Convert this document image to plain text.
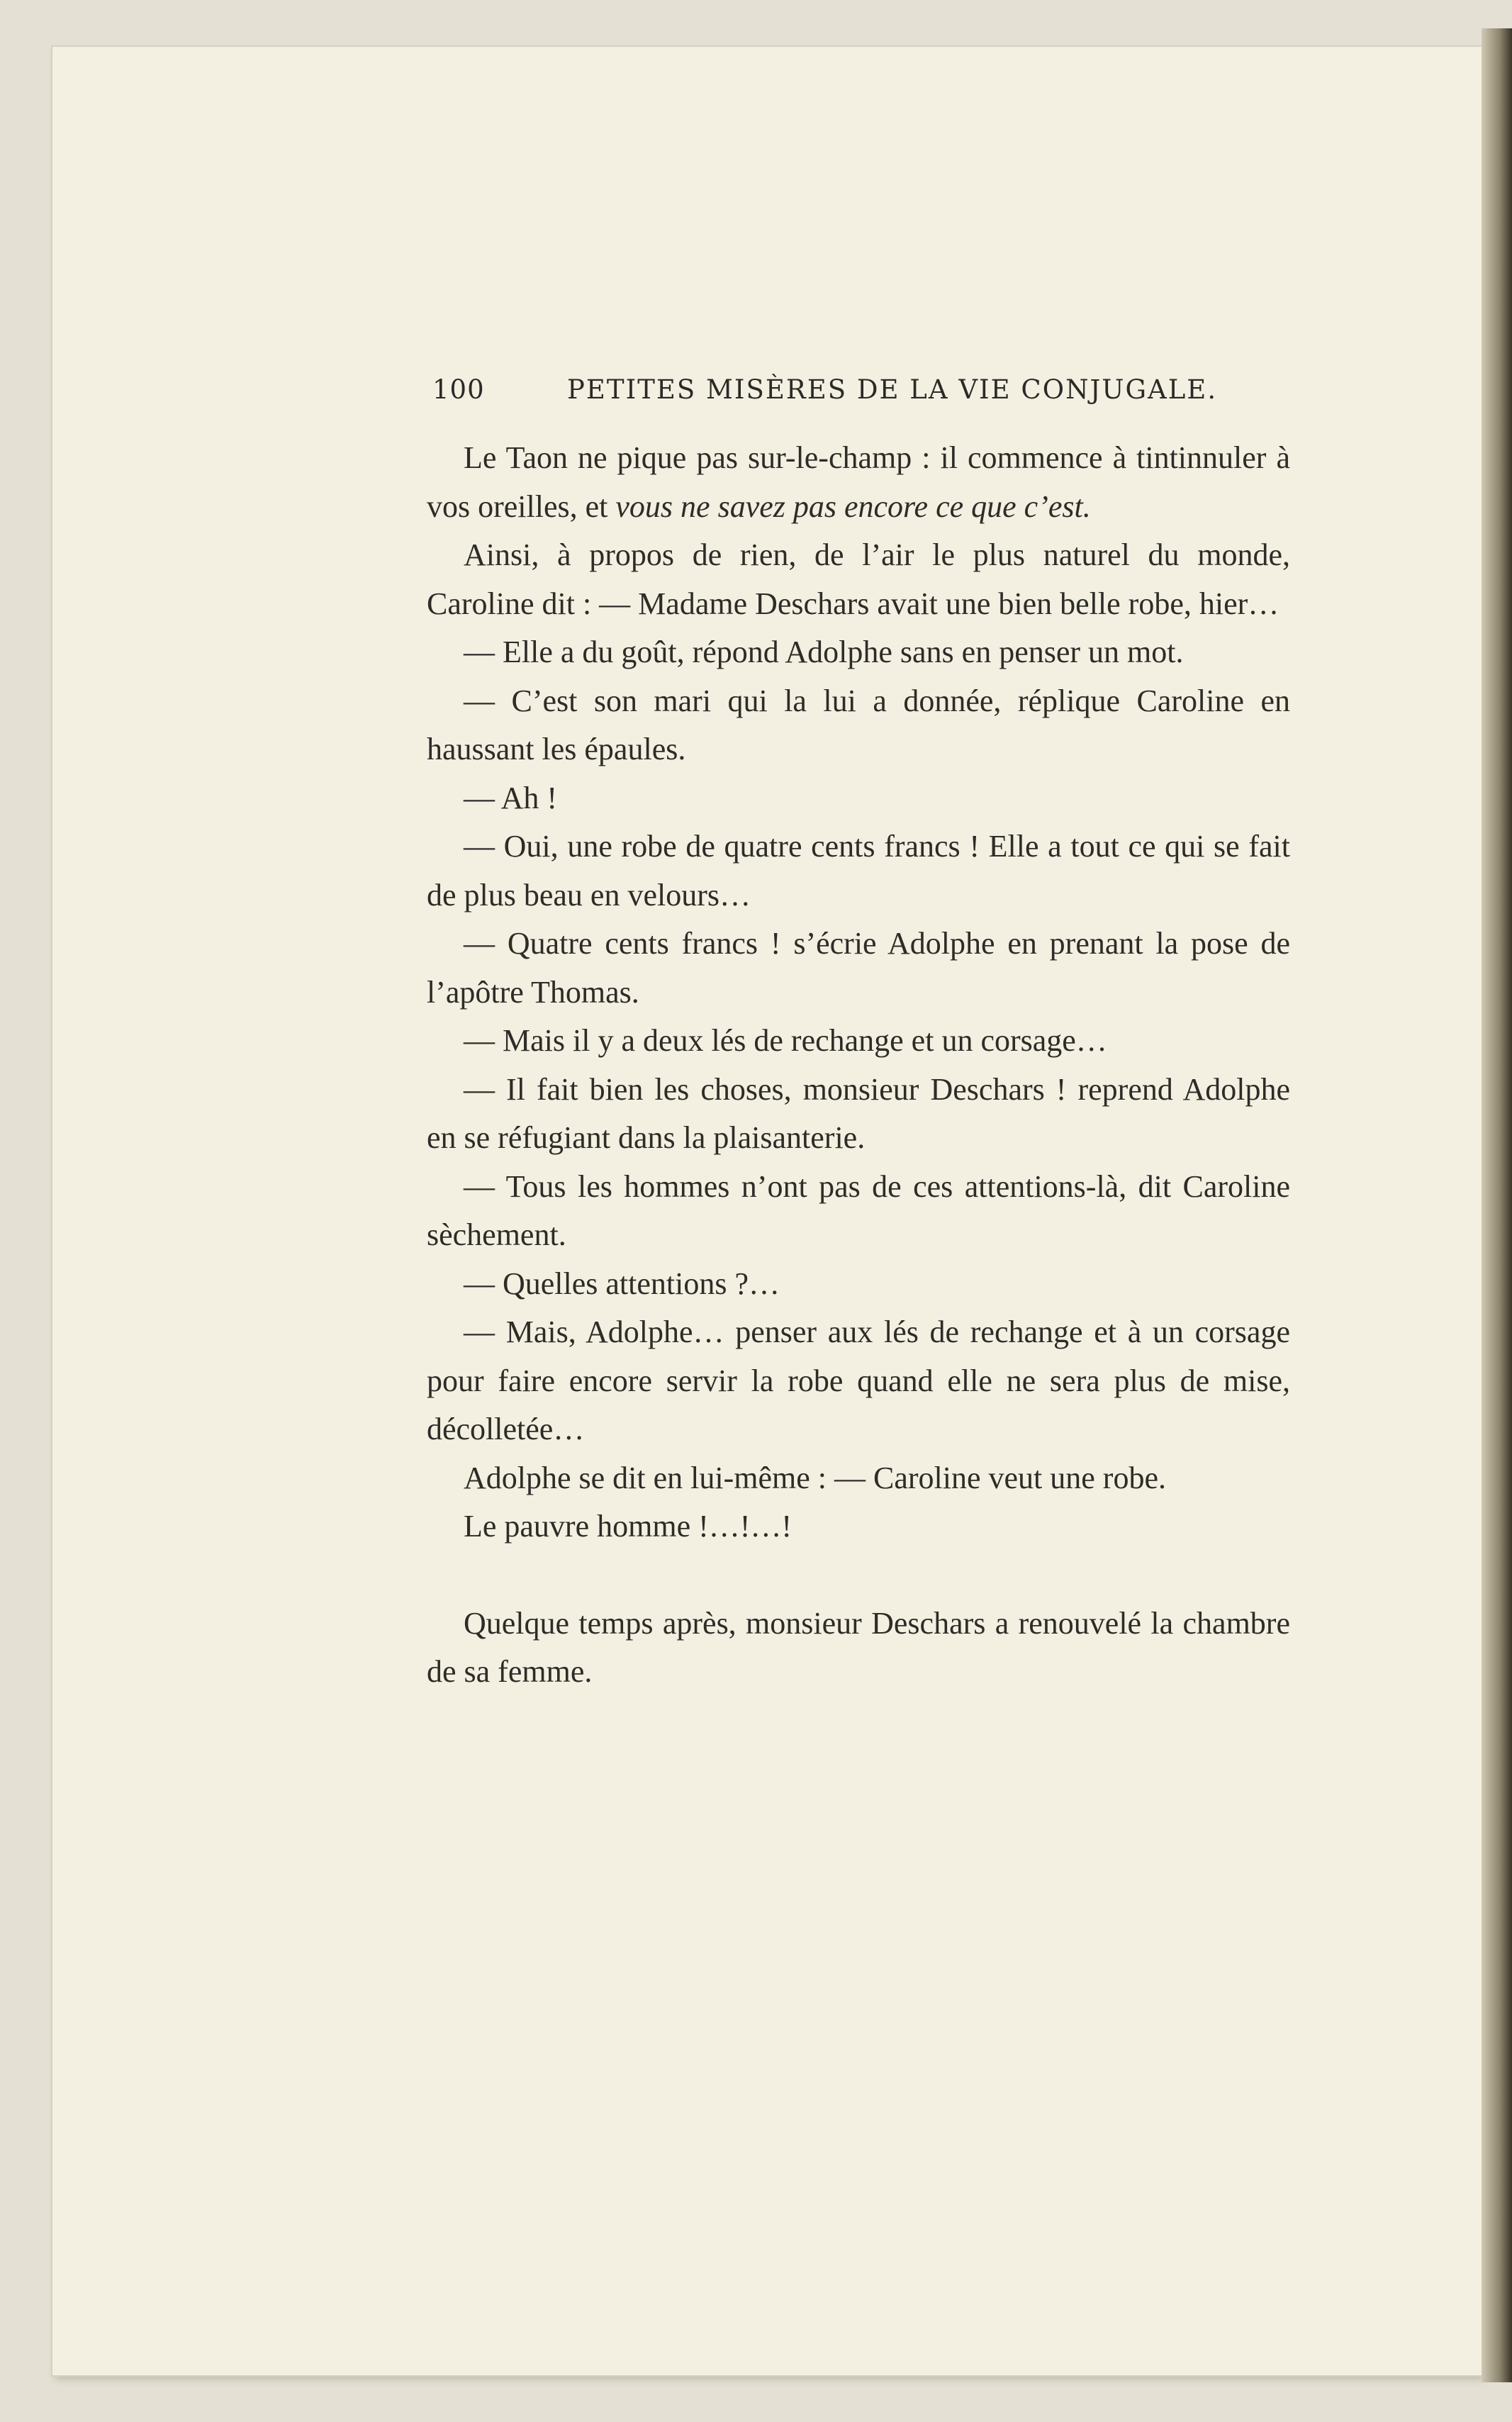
100	PETITES MISÈRES DE LA VIE CONJUGALE.

Le Taon ne pique pas sur-le-champ : il commence à tintinnuler à vos oreilles, et vous ne savez pas encore ce que c’est.

Ainsi, à propos de rien, de l’air le plus naturel du monde, Caroline dit : — Madame Deschars avait une bien belle robe, hier…

— Elle a du goût, répond Adolphe sans en penser un mot.

— C’est son mari qui la lui a donnée, réplique Caroline en haussant les épaules.

— Ah !

— Oui, une robe de quatre cents francs ! Elle a tout ce qui se fait de plus beau en velours…

— Quatre cents francs ! s’écrie Adolphe en prenant la pose de l’apôtre Thomas.

— Mais il y a deux lés de rechange et un corsage…

— Il fait bien les choses, monsieur Deschars ! reprend Adolphe en se réfugiant dans la plaisanterie.

— Tous les hommes n’ont pas de ces attentions-là, dit Caroline sèchement.

— Quelles attentions ?…

— Mais, Adolphe… penser aux lés de rechange et à un corsage pour faire encore servir la robe quand elle ne sera plus de mise, décolletée…

Adolphe se dit en lui-même : — Caroline veut une robe.

Le pauvre homme !…!…!

Quelque temps après, monsieur Deschars a renouvelé la chambre de sa femme.
